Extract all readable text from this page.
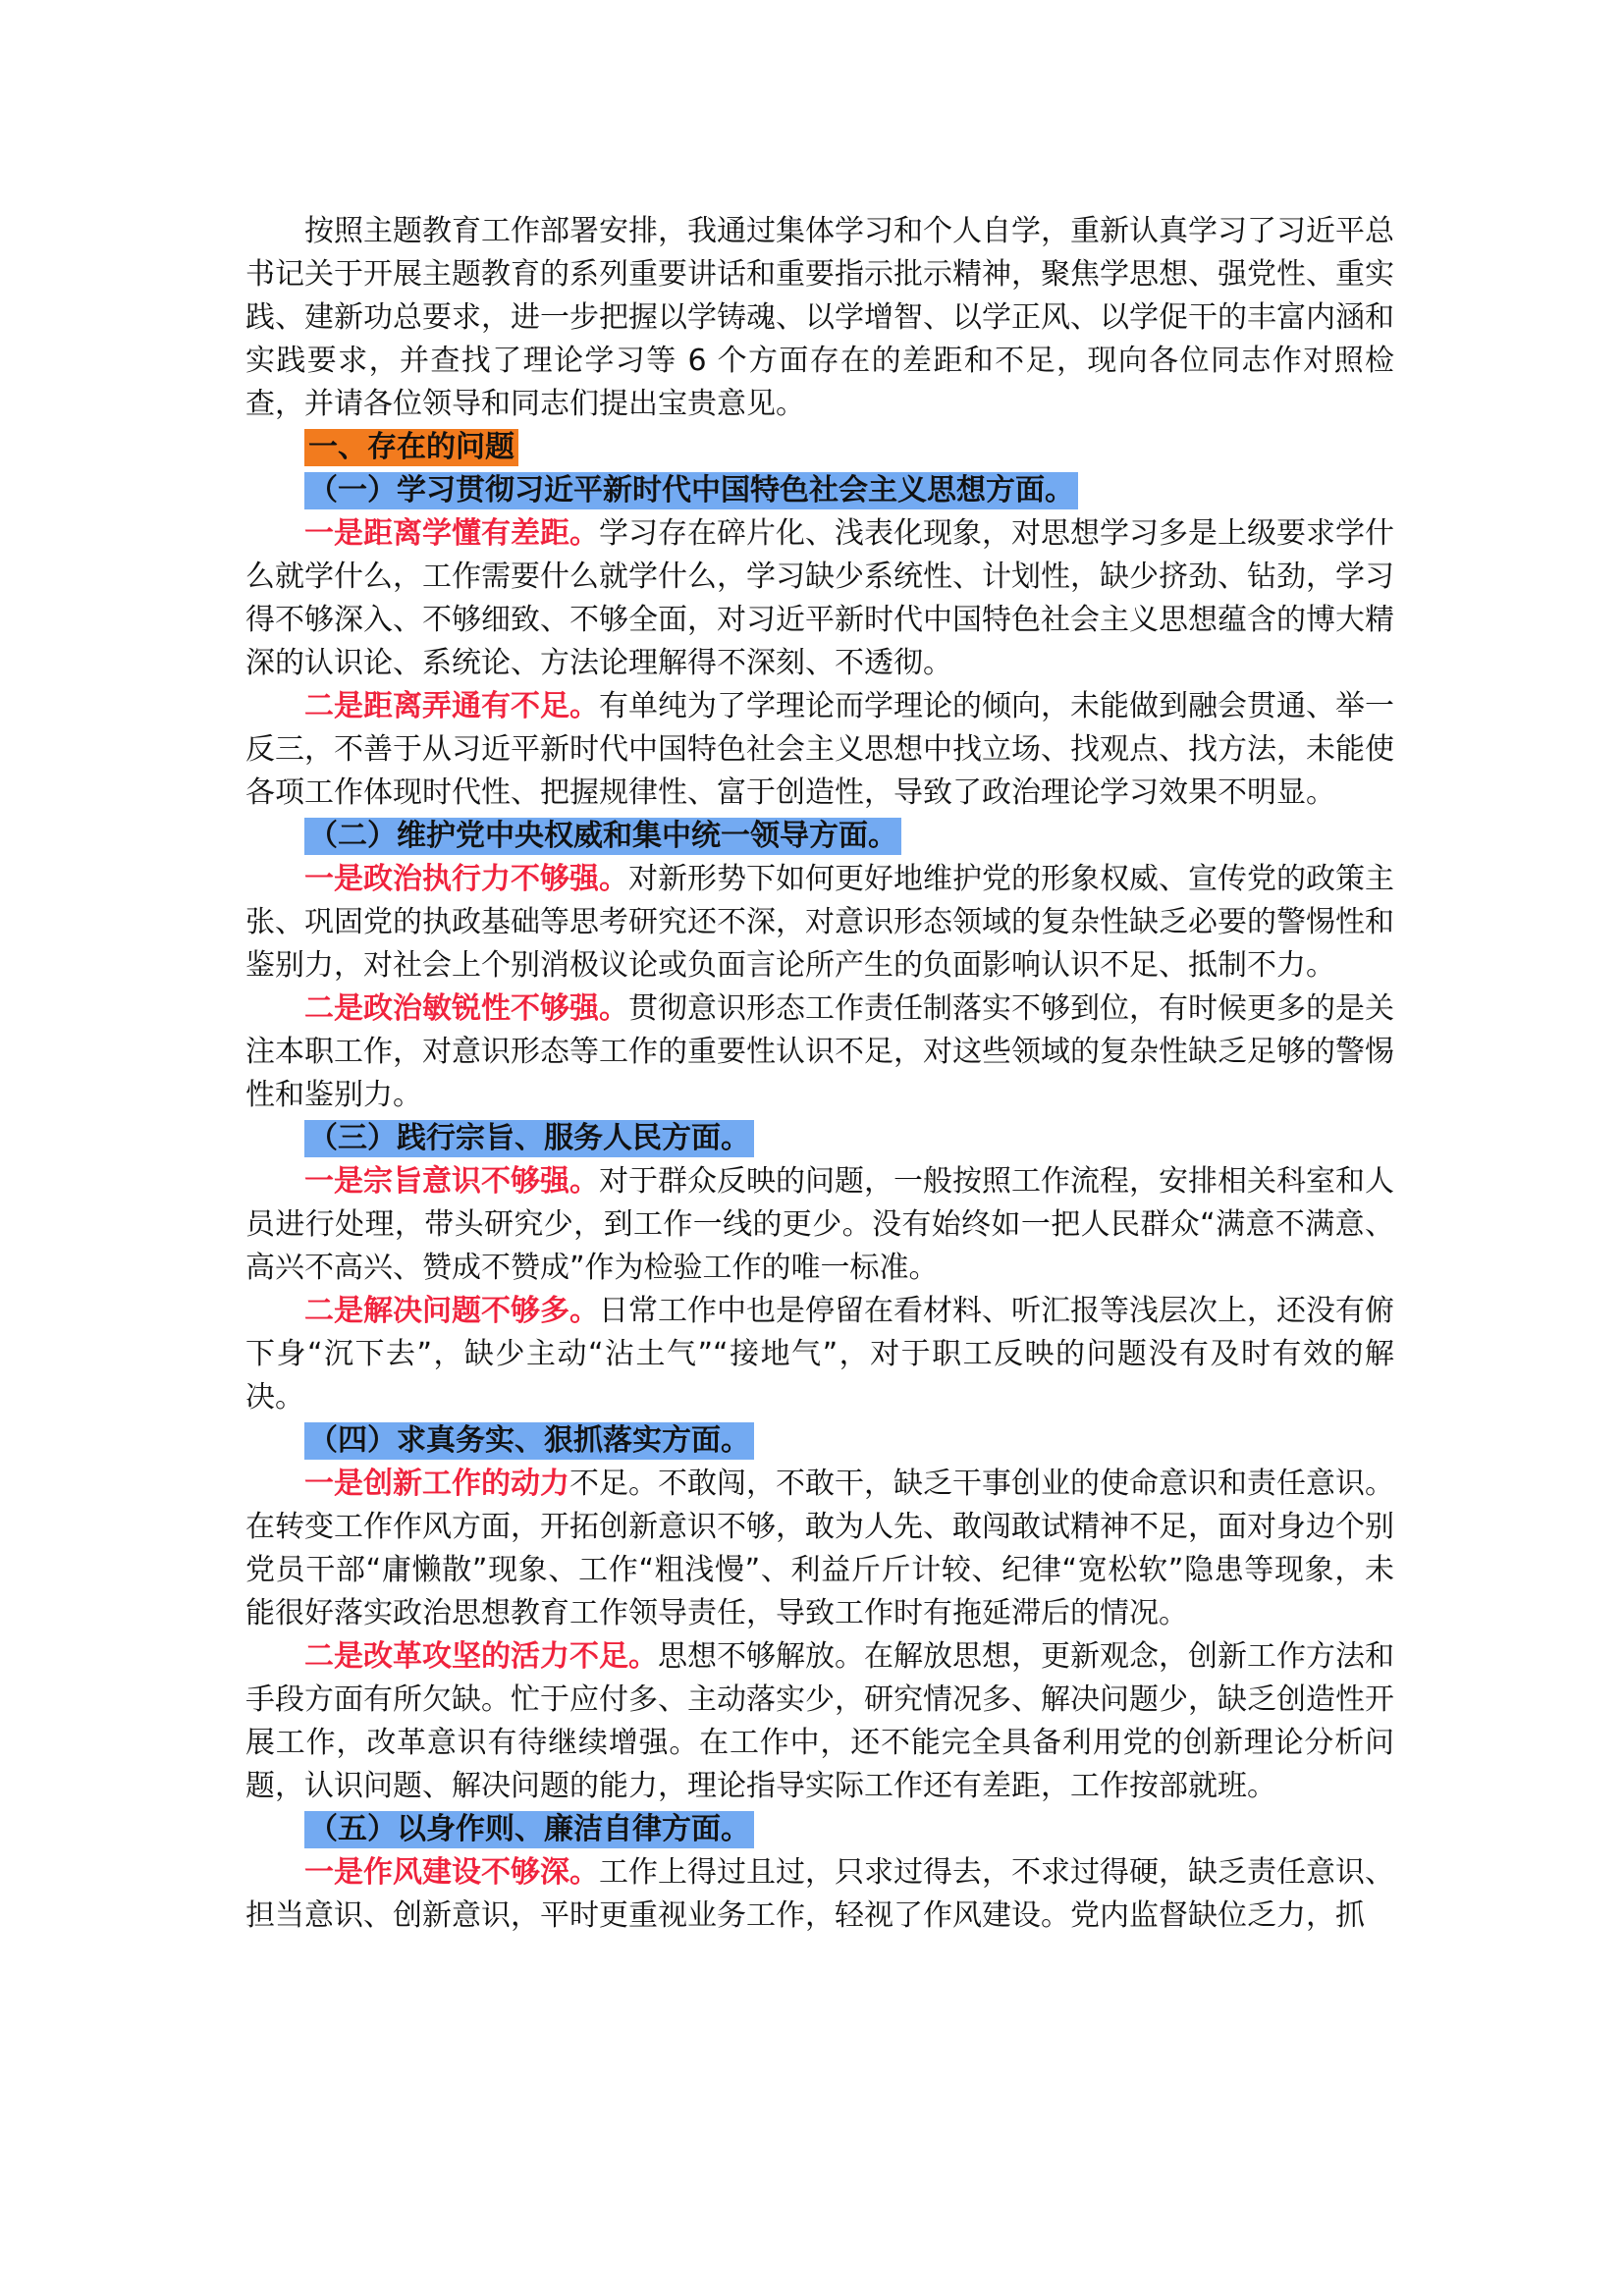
按照主题教育工作部署安排，我通过集体学习和个人自学，重新认真学习了习近平总书记关于开展主题教育的系列重要讲话和重要指示批示精神，聚焦学思想、强党性、重实践、建新功总要求，进一步把握以学铸魂、以学增智、以学正风、以学促干的丰富内涵和实践要求，并查找了理论学习等 6 个方面存在的差距和不足，现向各位同志作对照检查，并请各位领导和同志们提出宝贵意见。

一、存在的问题
（一）学习贯彻习近平新时代中国特色社会主义思想方面。

一是距离学懂有差距。学习存在碎片化、浅表化现象，对思想学习多是上级要求学什么就学什么，工作需要什么就学什么，学习缺少系统性、计划性，缺少挤劲、钻劲，学习得不够深入、不够细致、不够全面，对习近平新时代中国特色社会主义思想蕴含的博大精深的认识论、系统论、方法论理解得不深刻、不透彻。

二是距离弄通有不足。有单纯为了学理论而学理论的倾向，未能做到融会贯通、举一反三，不善于从习近平新时代中国特色社会主义思想中找立场、找观点、找方法，未能使各项工作体现时代性、把握规律性、富于创造性，导致了政治理论学习效果不明显。

（二）维护党中央权威和集中统一领导方面。

一是政治执行力不够强。对新形势下如何更好地维护党的形象权威、宣传党的政策主张、巩固党的执政基础等思考研究还不深，对意识形态领域的复杂性缺乏必要的警惕性和鉴别力，对社会上个别消极议论或负面言论所产生的负面影响认识不足、抵制不力。

二是政治敏锐性不够强。贯彻意识形态工作责任制落实不够到位，有时候更多的是关注本职工作，对意识形态等工作的重要性认识不足，对这些领域的复杂性缺乏足够的警惕性和鉴别力。

（三）践行宗旨、服务人民方面。

一是宗旨意识不够强。对于群众反映的问题，一般按照工作流程，安排相关科室和人员进行处理，带头研究少，到工作一线的更少。没有始终如一把人民群众“满意不满意、高兴不高兴、赞成不赞成”作为检验工作的唯一标准。

二是解决问题不够多。日常工作中也是停留在看材料、听汇报等浅层次上，还没有俯下身“沉下去”，缺少主动“沾土气”“接地气”，对于职工反映的问题没有及时有效的解决。

（四）求真务实、狠抓落实方面。

一是创新工作的动力不足。不敢闯，不敢干，缺乏干事创业的使命意识和责任意识。在转变工作作风方面，开拓创新意识不够，敢为人先、敢闯敢试精神不足，面对身边个别党员干部“庸懒散”现象、工作“粗浅慢”、利益斤斤计较、纪律“宽松软”隐患等现象，未能很好落实政治思想教育工作领导责任，导致工作时有拖延滞后的情况。

二是改革攻坚的活力不足。思想不够解放。在解放思想，更新观念，创新工作方法和手段方面有所欠缺。忙于应付多、主动落实少，研究情况多、解决问题少，缺乏创造性开展工作，改革意识有待继续增强。在工作中，还不能完全具备利用党的创新理论分析问题，认识问题、解决问题的能力，理论指导实际工作还有差距，工作按部就班。

（五）以身作则、廉洁自律方面。

一是作风建设不够深。工作上得过且过，只求过得去，不求过得硬，缺乏责任意识、担当意识、创新意识，平时更重视业务工作，轻视了作风建设。党内监督缺位乏力，抓
